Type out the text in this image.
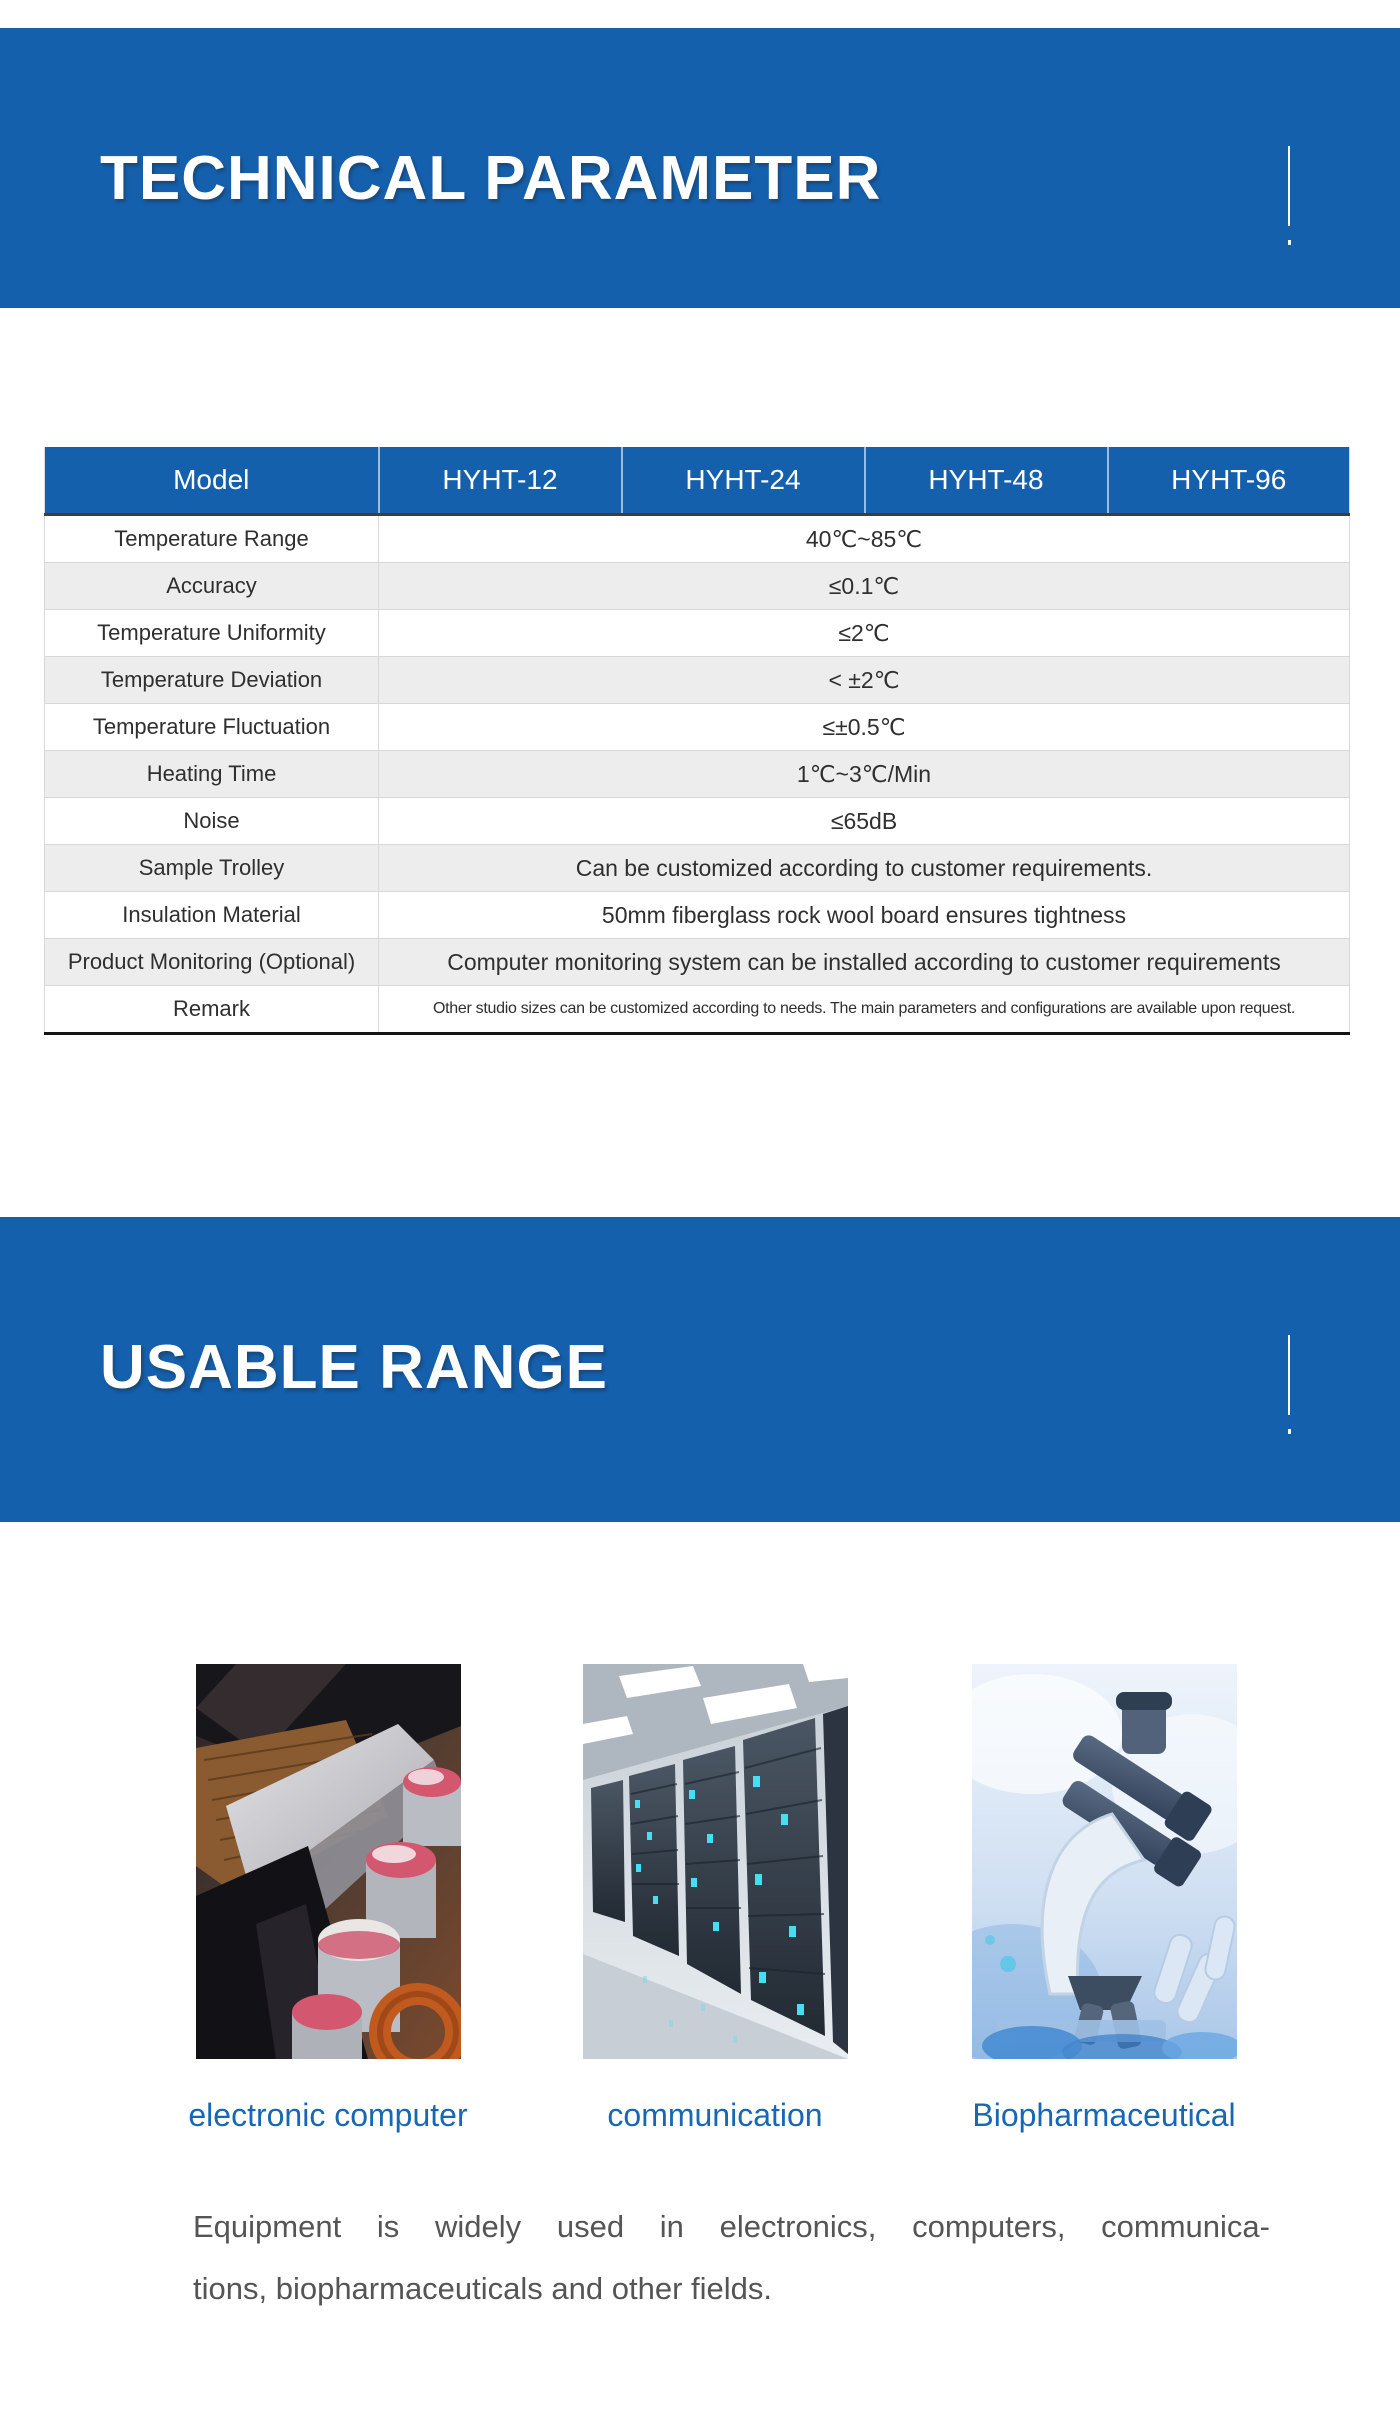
TECHNICAL PARAMETER
Model	HYHT-12	HYHT-24	HYHT-48	HYHT-96
Temperature Range	40℃~85℃			
Accuracy	≤0.1℃			
Temperature Uniformity	≤2℃			
Temperature Deviation	< ±2℃			
Temperature Fluctuation	≤±0.5℃			
Heating Time	1℃~3℃/Min			
Noise	≤65dB			
Sample Trolley	Can be customized according to customer requirements.			
Insulation Material	50mm fiberglass rock wool board ensures tightness			
Product Monitoring (Optional)	Computer monitoring system can be installed according to customer requirements			
Remark	Other studio sizes can be customized according to needs. The main parameters and configurations are available upon request.			
USABLE RANGE
electronic computer	communication	Biopharmaceutical
Equipment is widely used in electronics, computers, communica-
tions, biopharmaceuticals and other fields.
